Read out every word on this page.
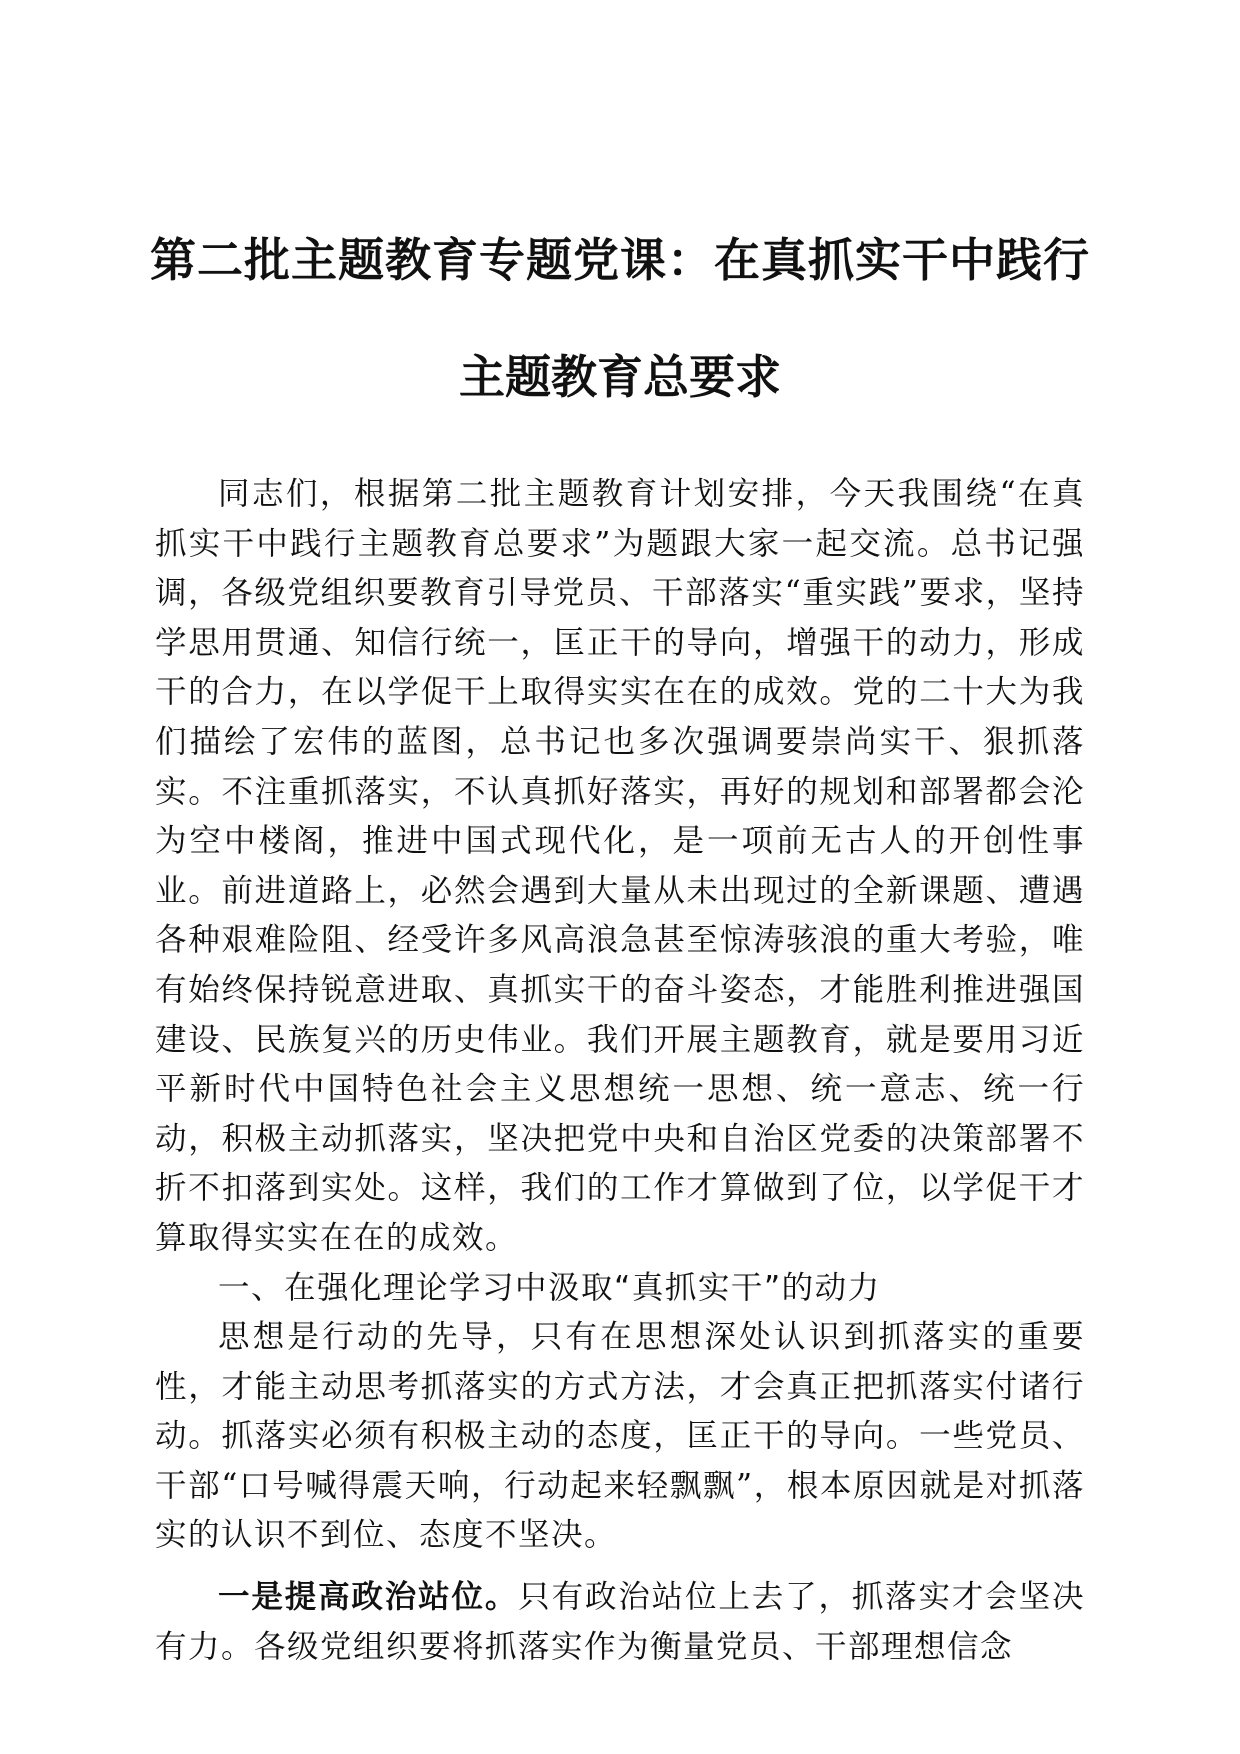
第二批主题教育专题党课：在真抓实干中践行
主题教育总要求

同志们，根据第二批主题教育计划安排，今天我围绕“在真抓实干中践行主题教育总要求”为题跟大家一起交流。总书记强调，各级党组织要教育引导党员、干部落实“重实践”要求，坚持学思用贯通、知信行统一，匡正干的导向，增强干的动力，形成干的合力，在以学促干上取得实实在在的成效。党的二十大为我们描绘了宏伟的蓝图，总书记也多次强调要崇尚实干、狠抓落实。不注重抓落实，不认真抓好落实，再好的规划和部署都会沦为空中楼阁，推进中国式现代化，是一项前无古人的开创性事业。前进道路上，必然会遇到大量从未出现过的全新课题、遭遇各种艰难险阻、经受许多风高浪急甚至惊涛骇浪的重大考验，唯有始终保持锐意进取、真抓实干的奋斗姿态，才能胜利推进强国建设、民族复兴的历史伟业。我们开展主题教育，就是要用习近平新时代中国特色社会主义思想统一思想、统一意志、统一行动，积极主动抓落实，坚决把党中央和自治区党委的决策部署不折不扣落到实处。这样，我们的工作才算做到了位，以学促干才算取得实实在在的成效。

一、在强化理论学习中汲取“真抓实干”的动力

思想是行动的先导，只有在思想深处认识到抓落实的重要性，才能主动思考抓落实的方式方法，才会真正把抓落实付诸行动。抓落实必须有积极主动的态度，匡正干的导向。一些党员、干部“口号喊得震天响，行动起来轻飘飘”，根本原因就是对抓落实的认识不到位、态度不坚决。

一是提高政治站位。只有政治站位上去了，抓落实才会坚决有力。各级党组织要将抓落实作为衡量党员、干部理想信念
